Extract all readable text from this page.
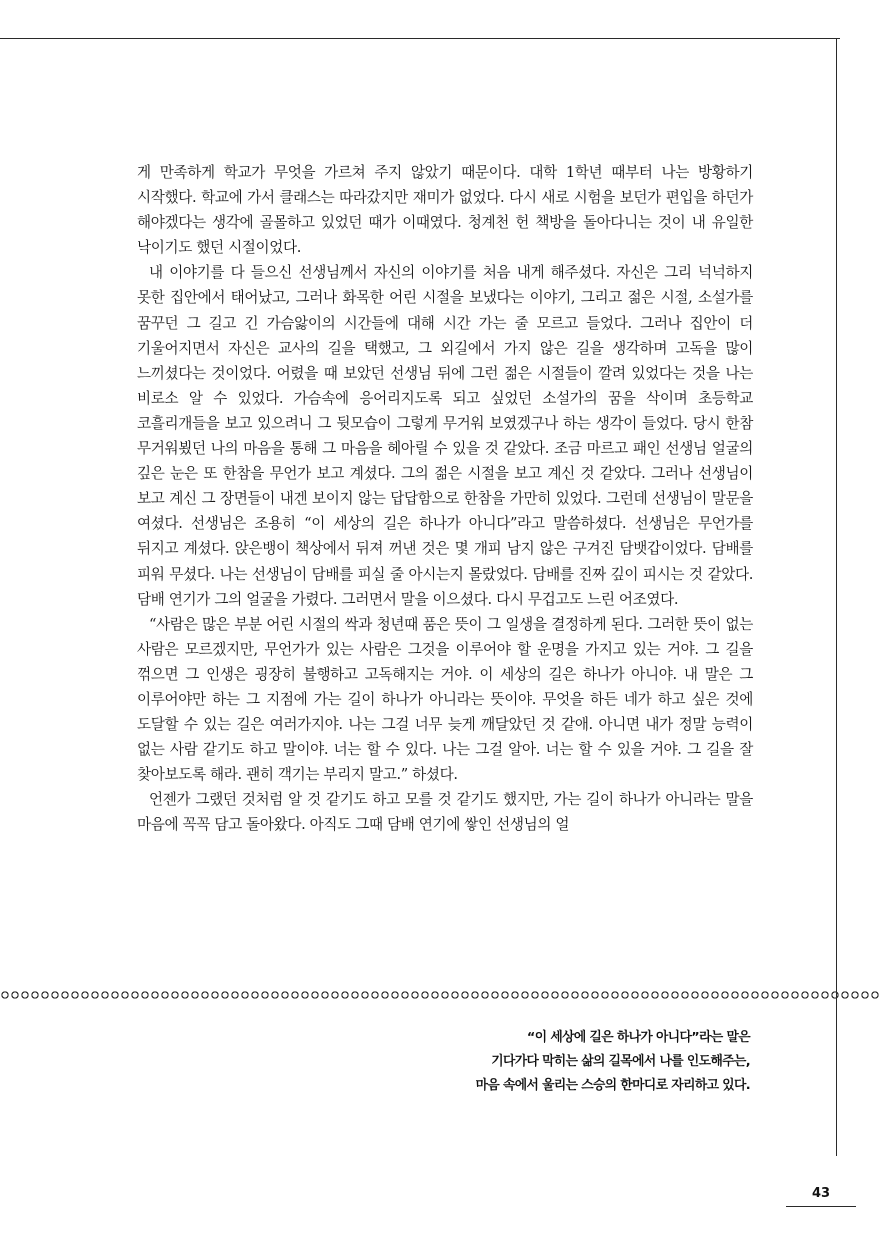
게 만족하게 학교가 무엇을 가르쳐 주지 않았기 때문이다. 대학 1학년 때부터 나는 방황하기 시작했다. 학교에 가서 클래스는 따라갔지만 재미가 없었다. 다시 새로 시험을 보던가 편입을 하던가 해야겠다는 생각에 골몰하고 있었던 때가 이때였다. 청계천 헌 책방을 돌아다니는 것이 내 유일한 낙이기도 했던 시절이었다.

내 이야기를 다 들으신 선생님께서 자신의 이야기를 처음 내게 해주셨다. 자신은 그리 넉넉하지 못한 집안에서 태어났고, 그러나 화목한 어린 시절을 보냈다는 이야기, 그리고 젊은 시절, 소설가를 꿈꾸던 그 길고 긴 가슴앓이의 시간들에 대해 시간 가는 줄 모르고 들었다. 그러나 집안이 더 기울어지면서 자신은 교사의 길을 택했고, 그 외길에서 가지 않은 길을 생각하며 고독을 많이 느끼셨다는 것이었다. 어렸을 때 보았던 선생님 뒤에 그런 젊은 시절들이 깔려 있었다는 것을 나는 비로소 알 수 있었다. 가슴속에 응어리지도록 되고 싶었던 소설가의 꿈을 삭이며 초등학교 코흘리개들을 보고 있으려니 그 뒷모습이 그렇게 무거워 보였겠구나 하는 생각이 들었다. 당시 한참 무거워뵜던 나의 마음을 통해 그 마음을 헤아릴 수 있을 것 같았다. 조금 마르고 패인 선생님 얼굴의 깊은 눈은 또 한참을 무언가 보고 계셨다. 그의 젊은 시절을 보고 계신 것 같았다. 그러나 선생님이 보고 계신 그 장면들이 내겐 보이지 않는 답답함으로 한참을 가만히 있었다. 그런데 선생님이 말문을 여셨다. 선생님은 조용히 “이 세상의 길은 하나가 아니다”라고 말씀하셨다. 선생님은 무언가를 뒤지고 계셨다. 앉은뱅이 책상에서 뒤져 꺼낸 것은 몇 개피 남지 않은 구겨진 담뱃갑이었다. 담배를 피워 무셨다. 나는 선생님이 담배를 피실 줄 아시는지 몰랐었다. 담배를 진짜 깊이 피시는 것 같았다. 담배 연기가 그의 얼굴을 가렸다. 그러면서 말을 이으셨다. 다시 무겁고도 느린 어조였다.

“사람은 많은 부분 어린 시절의 싹과 청년때 품은 뜻이 그 일생을 결정하게 된다. 그러한 뜻이 없는 사람은 모르겠지만, 무언가가 있는 사람은 그것을 이루어야 할 운명을 가지고 있는 거야. 그 길을 꺾으면 그 인생은 굉장히 불행하고 고독해지는 거야. 이 세상의 길은 하나가 아니야. 내 말은 그 이루어야만 하는 그 지점에 가는 길이 하나가 아니라는 뜻이야. 무엇을 하든 네가 하고 싶은 것에 도달할 수 있는 길은 여러가지야. 나는 그걸 너무 늦게 깨달았던 것 같애. 아니면 내가 정말 능력이 없는 사람 같기도 하고 말이야. 너는 할 수 있다. 나는 그걸 알아. 너는 할 수 있을 거야. 그 길을 잘 찾아보도록 해라. 괜히 객기는 부리지 말고.” 하셨다.

언젠가 그랬던 것처럼 알 것 같기도 하고 모를 것 같기도 했지만, 가는 길이 하나가 아니라는 말을 마음에 꼭꼭 담고 돌아왔다. 아직도 그때 담배 연기에 쌓인 선생님의 얼

“이 세상에 길은 하나가 아니다”라는 말은
기다가다 막히는 삶의 길목에서 나를 인도해주는,
마음 속에서 울리는 스승의 한마디로 자리하고 있다.
43
